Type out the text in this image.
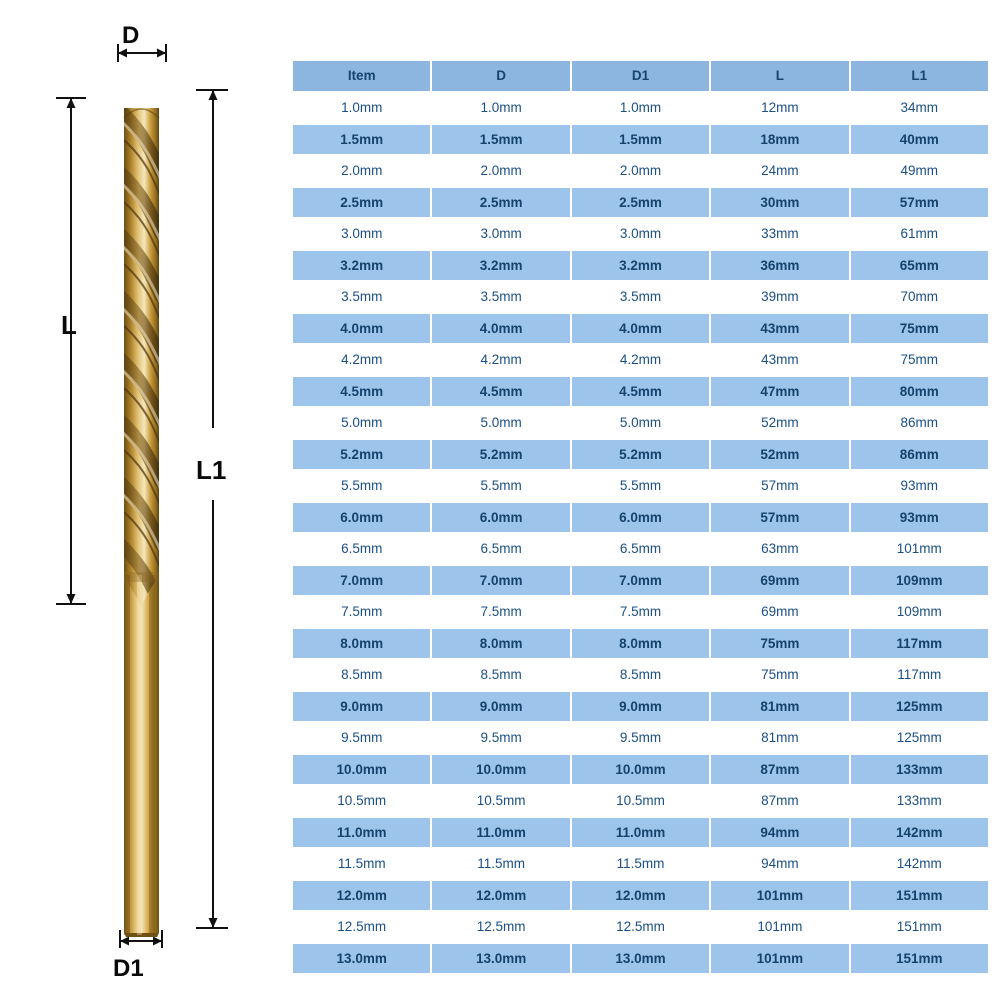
D
D1
L
L1
Item	D	D1	L	L1
1.0mm	1.0mm	1.0mm	12mm	34mm
1.5mm	1.5mm	1.5mm	18mm	40mm
2.0mm	2.0mm	2.0mm	24mm	49mm
2.5mm	2.5mm	2.5mm	30mm	57mm
3.0mm	3.0mm	3.0mm	33mm	61mm
3.2mm	3.2mm	3.2mm	36mm	65mm
3.5mm	3.5mm	3.5mm	39mm	70mm
4.0mm	4.0mm	4.0mm	43mm	75mm
4.2mm	4.2mm	4.2mm	43mm	75mm
4.5mm	4.5mm	4.5mm	47mm	80mm
5.0mm	5.0mm	5.0mm	52mm	86mm
5.2mm	5.2mm	5.2mm	52mm	86mm
5.5mm	5.5mm	5.5mm	57mm	93mm
6.0mm	6.0mm	6.0mm	57mm	93mm
6.5mm	6.5mm	6.5mm	63mm	101mm
7.0mm	7.0mm	7.0mm	69mm	109mm
7.5mm	7.5mm	7.5mm	69mm	109mm
8.0mm	8.0mm	8.0mm	75mm	117mm
8.5mm	8.5mm	8.5mm	75mm	117mm
9.0mm	9.0mm	9.0mm	81mm	125mm
9.5mm	9.5mm	9.5mm	81mm	125mm
10.0mm	10.0mm	10.0mm	87mm	133mm
10.5mm	10.5mm	10.5mm	87mm	133mm
11.0mm	11.0mm	11.0mm	94mm	142mm
11.5mm	11.5mm	11.5mm	94mm	142mm
12.0mm	12.0mm	12.0mm	101mm	151mm
12.5mm	12.5mm	12.5mm	101mm	151mm
13.0mm	13.0mm	13.0mm	101mm	151mm
